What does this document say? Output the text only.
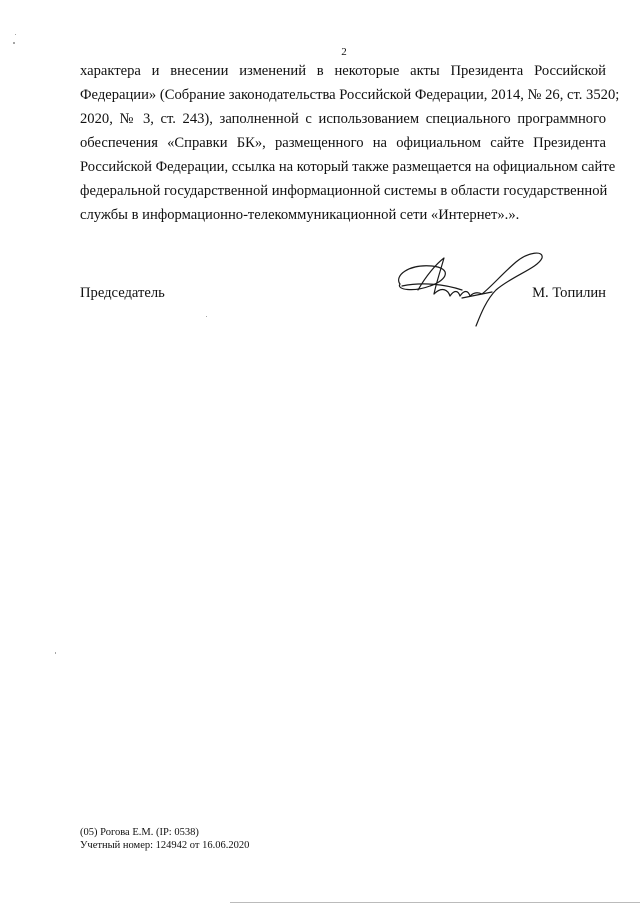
2
характера и внесении изменений в некоторые акты Президента Российской
Федерации» (Собрание законодательства Российской Федерации, 2014, № 26, ст. 3520;
2020, № 3, ст. 243), заполненной с использованием специального программного
обеспечения «Справки БК», размещенного на официальном сайте Президента
Российской Федерации, ссылка на который также размещается на официальном сайте
федеральной государственной информационной системы в области государственной
службы в информационно-телекоммуникационной сети «Интернет».».
Председатель	М. Топилин
(05) Рогова Е.М. (IP: 0538)
Учетный номер: 124942 от 16.06.2020
